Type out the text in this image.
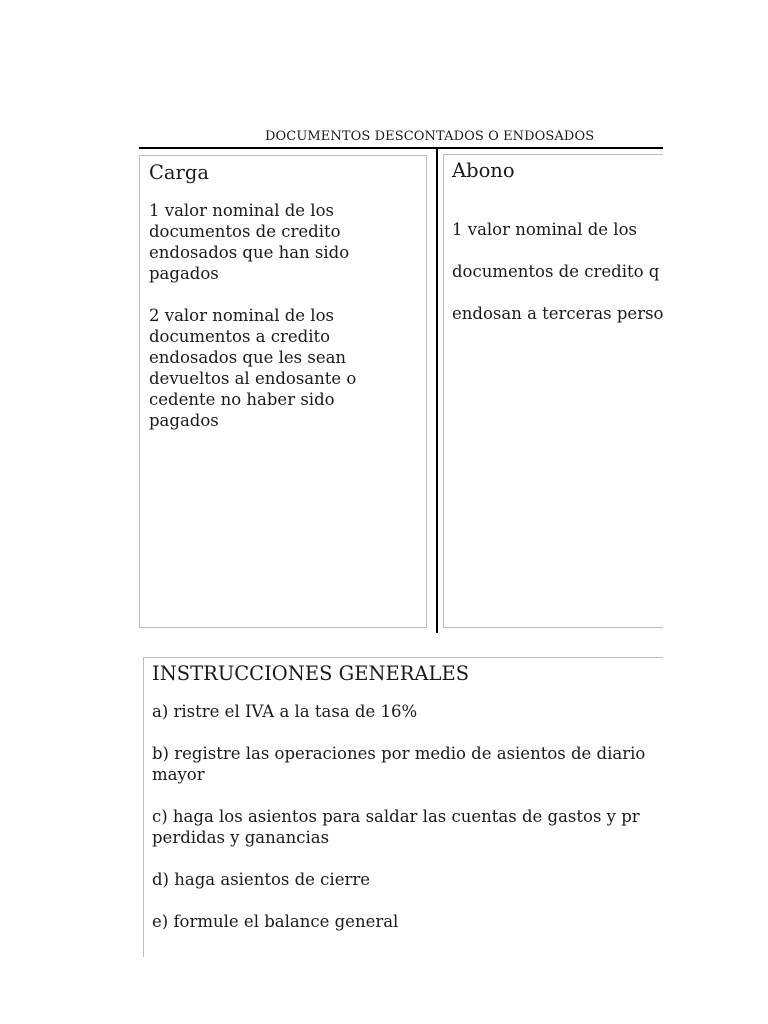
DOCUMENTOS DESCONTADOS O ENDOSADOS
Carga
1 valor nominal de los documentos de credito endosados que han sido pagados
2 valor nominal de los documentos a credito endosados que les sean devueltos al endosante o cedente no haber sido pagados
Abono

1 valor nominal de los

documentos de credito q

endosan a terceras perso

INSTRUCCIONES GENERALES
a) ristre el IVA a la tasa de 16%
b) registre las operaciones por medio de asientos de diario
mayor
c) haga los asientos para saldar las cuentas de gastos y pr
perdidas y ganancias
d) haga asientos de cierre
e) formule el balance general
